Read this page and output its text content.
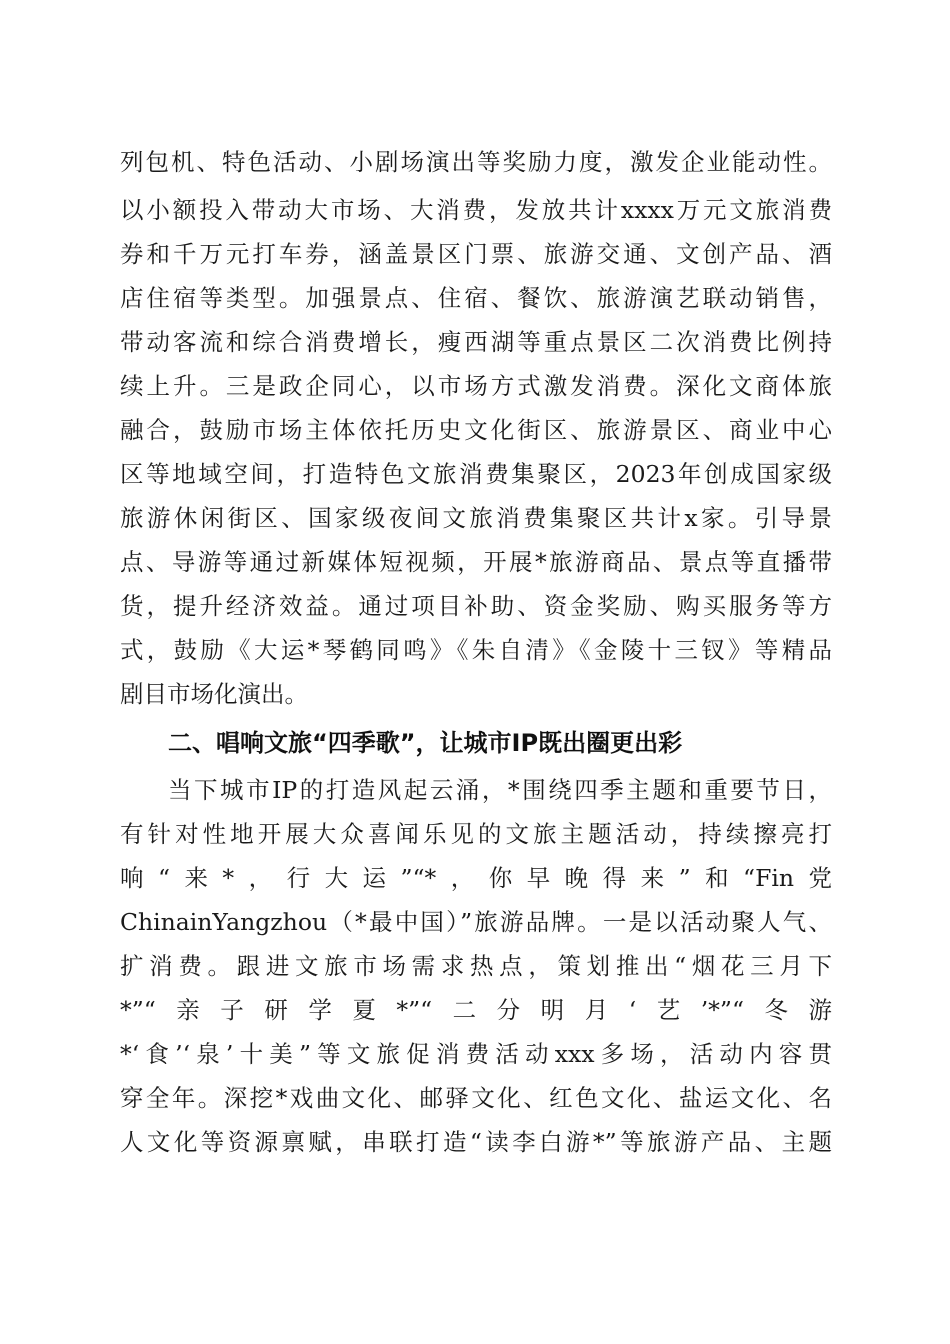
列包机、特色活动、小剧场演出等奖励力度，激发企业能动性。
以小额投入带动大市场、大消费，发放共计xxxx万元文旅消费
券和千万元打车券，涵盖景区门票、旅游交通、文创产品、酒
店住宿等类型。加强景点、住宿、餐饮、旅游演艺联动销售，
带动客流和综合消费增长，瘦西湖等重点景区二次消费比例持
续上升。三是政企同心，以市场方式激发消费。深化文商体旅
融合，鼓励市场主体依托历史文化街区、旅游景区、商业中心
区等地域空间，打造特色文旅消费集聚区，2023年创成国家级
旅游休闲街区、国家级夜间文旅消费集聚区共计x家。引导景
点、导游等通过新媒体短视频，开展*旅游商品、景点等直播带
货，提升经济效益。通过项目补助、资金奖励、购买服务等方
式，鼓励《大运*琴鹤同鸣》《朱自清》《金陵十三钗》等精品
剧目市场化演出。
二、唱响文旅“四季歌”，让城市IP既出圈更出彩
当下城市IP的打造风起云涌，*围绕四季主题和重要节日，
有针对性地开展大众喜闻乐见的文旅主题活动，持续擦亮打
响“来*，行大运”“*，你早晚得来”和“Fin党
ChinainYangzhou（*最中国）”旅游品牌。一是以活动聚人气、
扩消费。跟进文旅市场需求热点，策划推出“烟花三月下
*”“亲子研学夏*”“二分明月‘艺’*”“冬游
*‘食’‘泉’十美”等文旅促消费活动xxx多场，活动内容贯
穿全年。深挖*戏曲文化、邮驿文化、红色文化、盐运文化、名
人文化等资源禀赋，串联打造“读李白游*”等旅游产品、主题
